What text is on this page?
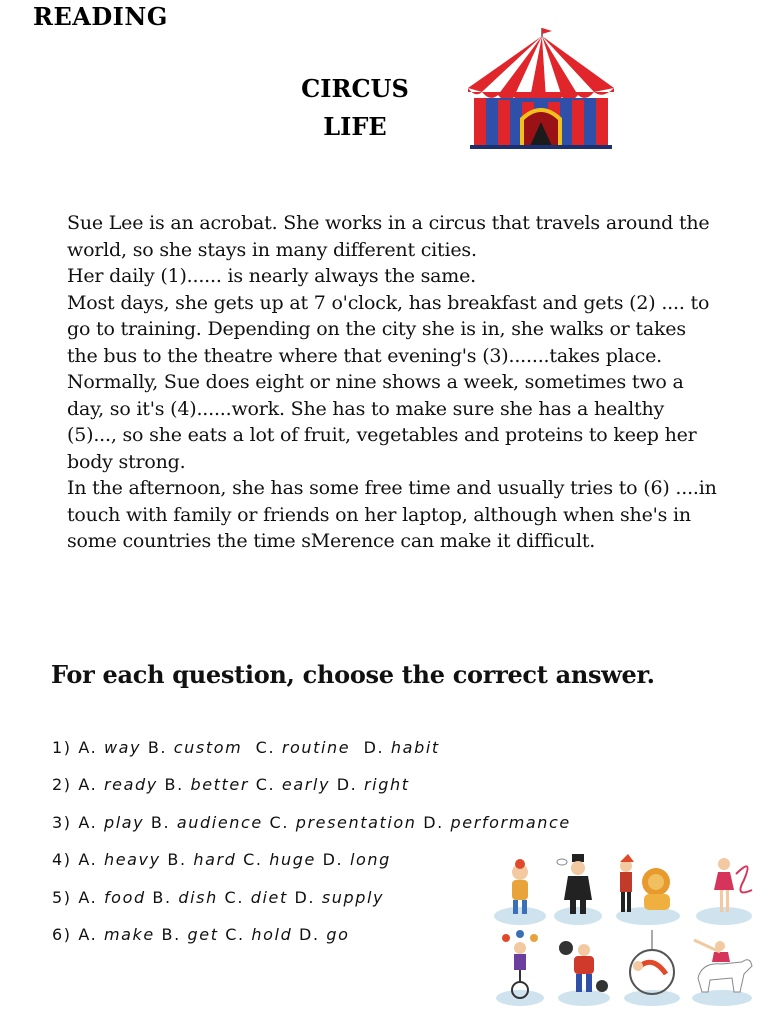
READING
CIRCUS
LIFE

Sue Lee is an acrobat. She works in a circus that travels around the world, so she stays in many different cities.

Her daily (1)...... is nearly always the same.

Most days, she gets up at 7 o'clock, has breakfast and gets (2) .... to go to training. Depending on the city she is in, she walks or takes the bus to the theatre where that evening's (3).......takes place.

Normally, Sue does eight or nine shows a week, sometimes two a day, so it's (4)......work. She has to make sure she has a healthy (5)..., so she eats a lot of fruit, vegetables and proteins to keep her body strong.

In the afternoon, she has some free time and usually tries to (6) ....in touch with family or friends on her laptop, although when she's in some countries the time sMerence can make it difficult.

For each question, choose the correct answer.
1) A. way B. custom C. routine D. habit
2) A. ready B. better C. early D. right
3) A. play B. audience C. presentation D. performance
4) A. heavy B. hard C. huge D. long
5) A. food B. dish C. diet D. supply
6) A. make B. get C. hold D. go
